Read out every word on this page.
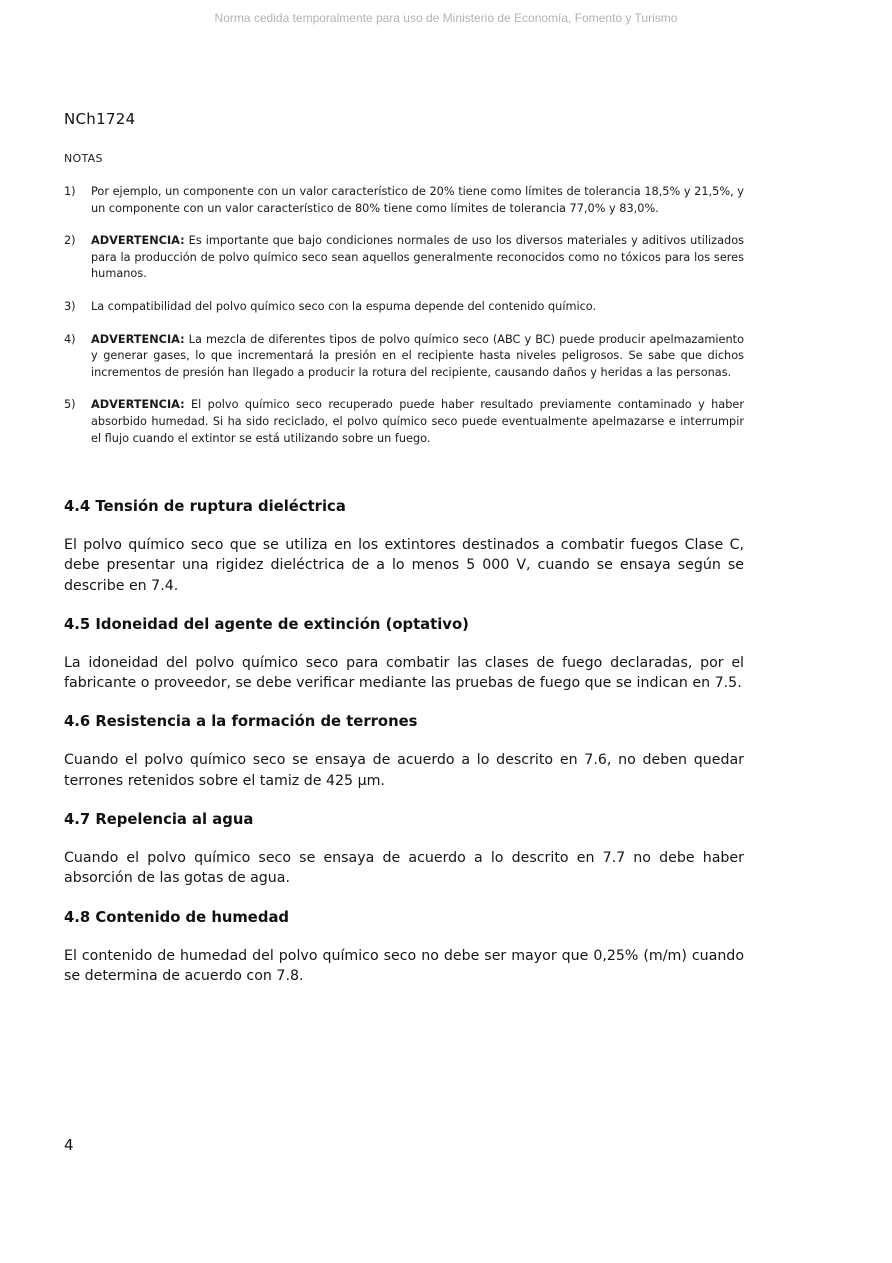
Norma cedida temporalmente para uso de Ministerio de Economía, Fomento y Turismo
NCh1724
NOTAS
1) Por ejemplo, un componente con un valor característico de 20% tiene como límites de tolerancia 18,5% y 21,5%, y un componente con un valor característico de 80% tiene como límites de tolerancia 77,0% y 83,0%.
2) ADVERTENCIA: Es importante que bajo condiciones normales de uso los diversos materiales y aditivos utilizados para la producción de polvo químico seco sean aquellos generalmente reconocidos como no tóxicos para los seres humanos.
3) La compatibilidad del polvo químico seco con la espuma depende del contenido químico.
4) ADVERTENCIA: La mezcla de diferentes tipos de polvo químico seco (ABC y BC) puede producir apelmazamiento y generar gases, lo que incrementará la presión en el recipiente hasta niveles peligrosos. Se sabe que dichos incrementos de presión han llegado a producir la rotura del recipiente, causando daños y heridas a las personas.
5) ADVERTENCIA: El polvo químico seco recuperado puede haber resultado previamente contaminado y haber absorbido humedad. Si ha sido reciclado, el polvo químico seco puede eventualmente apelmazarse e interrumpir el flujo cuando el extintor se está utilizando sobre un fuego.
4.4 Tensión de ruptura dieléctrica

El polvo químico seco que se utiliza en los extintores destinados a combatir fuegos Clase C, debe presentar una rigidez dieléctrica de a lo menos 5 000 V, cuando se ensaya según se describe en 7.4.

4.5 Idoneidad del agente de extinción (optativo)

La idoneidad del polvo químico seco para combatir las clases de fuego declaradas, por el fabricante o proveedor, se debe verificar mediante las pruebas de fuego que se indican en 7.5.

4.6 Resistencia a la formación de terrones

Cuando el polvo químico seco se ensaya de acuerdo a lo descrito en 7.6, no deben quedar terrones retenidos sobre el tamiz de 425 µm.

4.7 Repelencia al agua

Cuando el polvo químico seco se ensaya de acuerdo a lo descrito en 7.7 no debe haber absorción de las gotas de agua.

4.8 Contenido de humedad

El contenido de humedad del polvo químico seco no debe ser mayor que 0,25% (m/m) cuando se determina de acuerdo con 7.8.

4
